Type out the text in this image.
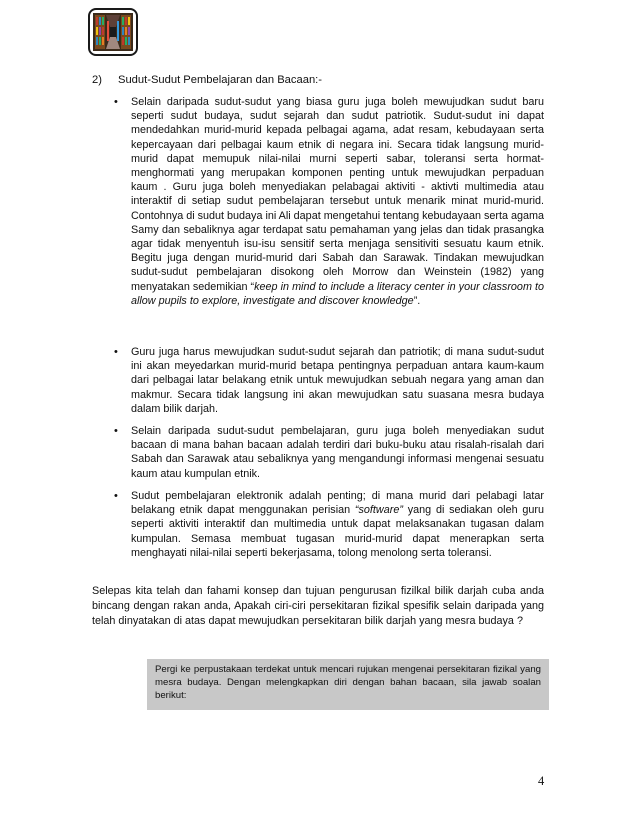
2) Sudut-Sudut Pembelajaran dan Bacaan:-
• Selain daripada sudut-sudut yang biasa guru juga boleh mewujudkan sudut baru seperti sudut budaya, sudut sejarah dan sudut patriotik. Sudut-sudut ini dapat mendedahkan murid-murid kepada pelbagai agama, adat resam, kebudayaan serta kepercayaan dari pelbagai kaum etnik di negara ini. Secara tidak langsung murid-murid dapat memupuk nilai-nilai murni seperti sabar, toleransi serta hormat-menghormati yang merupakan komponen penting untuk mewujudkan perpaduan kaum . Guru juga boleh menyediakan pelabagai aktiviti - aktivti multimedia atau interaktif di setiap sudut pembelajaran tersebut untuk menarik minat murid-murid. Contohnya di sudut budaya ini Ali dapat mengetahui tentang kebudayaan serta agama Samy dan sebaliknya agar terdapat satu pemahaman yang jelas dan tidak prasangka agar tidak menyentuh isu-isu sensitif serta menjaga sensitiviti sesuatu kaum etnik. Begitu juga dengan murid-murid dari Sabah dan Sarawak. Tindakan mewujudkan sudut-sudut pembelajaran disokong oleh Morrow dan Weinstein (1982) yang menyatakan sedemikian “keep in mind to include a literacy center in your classroom to allow pupils to explore, investigate and discover knowledge”.

• Guru juga harus mewujudkan sudut-sudut sejarah dan patriotik; di mana sudut-sudut ini akan meyedarkan murid-murid betapa pentingnya perpaduan antara kaum-kaum dari pelbagai latar belakang etnik untuk mewujudkan sebuah negara yang aman dan makmur. Secara tidak langsung ini akan mewujudkan satu suasana mesra budaya dalam bilik darjah.

• Selain daripada sudut-sudut pembelajaran, guru juga boleh menyediakan sudut bacaan di mana bahan bacaan adalah terdiri dari buku-buku atau risalah-risalah dari Sabah dan Sarawak atau sebaliknya yang mengandungi informasi mengenai sesuatu kaum atau kumpulan etnik.

• Sudut pembelajaran elektronik adalah penting; di mana murid dari pelabagi latar belakang etnik dapat menggunakan perisian “software” yang di sediakan oleh guru seperti aktiviti interaktif dan multimedia untuk dapat melaksanakan tugasan dalam kumpulan. Semasa membuat tugasan murid-murid dapat menerapkan serta menghayati nilai-nilai seperti bekerjasama, tolong menolong serta toleransi.

Selepas kita telah dan fahami konsep dan tujuan pengurusan fizilkal bilik darjah cuba anda bincang dengan rakan anda, Apakah ciri-ciri persekitaran fizikal spesifik selain daripada yang telah dinyatakan di atas dapat mewujudkan persekitaran bilik darjah yang mesra budaya ?

Pergi ke perpustakaan terdekat untuk mencari rujukan mengenai persekitaran fizikal yang mesra budaya. Dengan melengkapkan diri dengan bahan bacaan, sila jawab soalan berikut:
4
